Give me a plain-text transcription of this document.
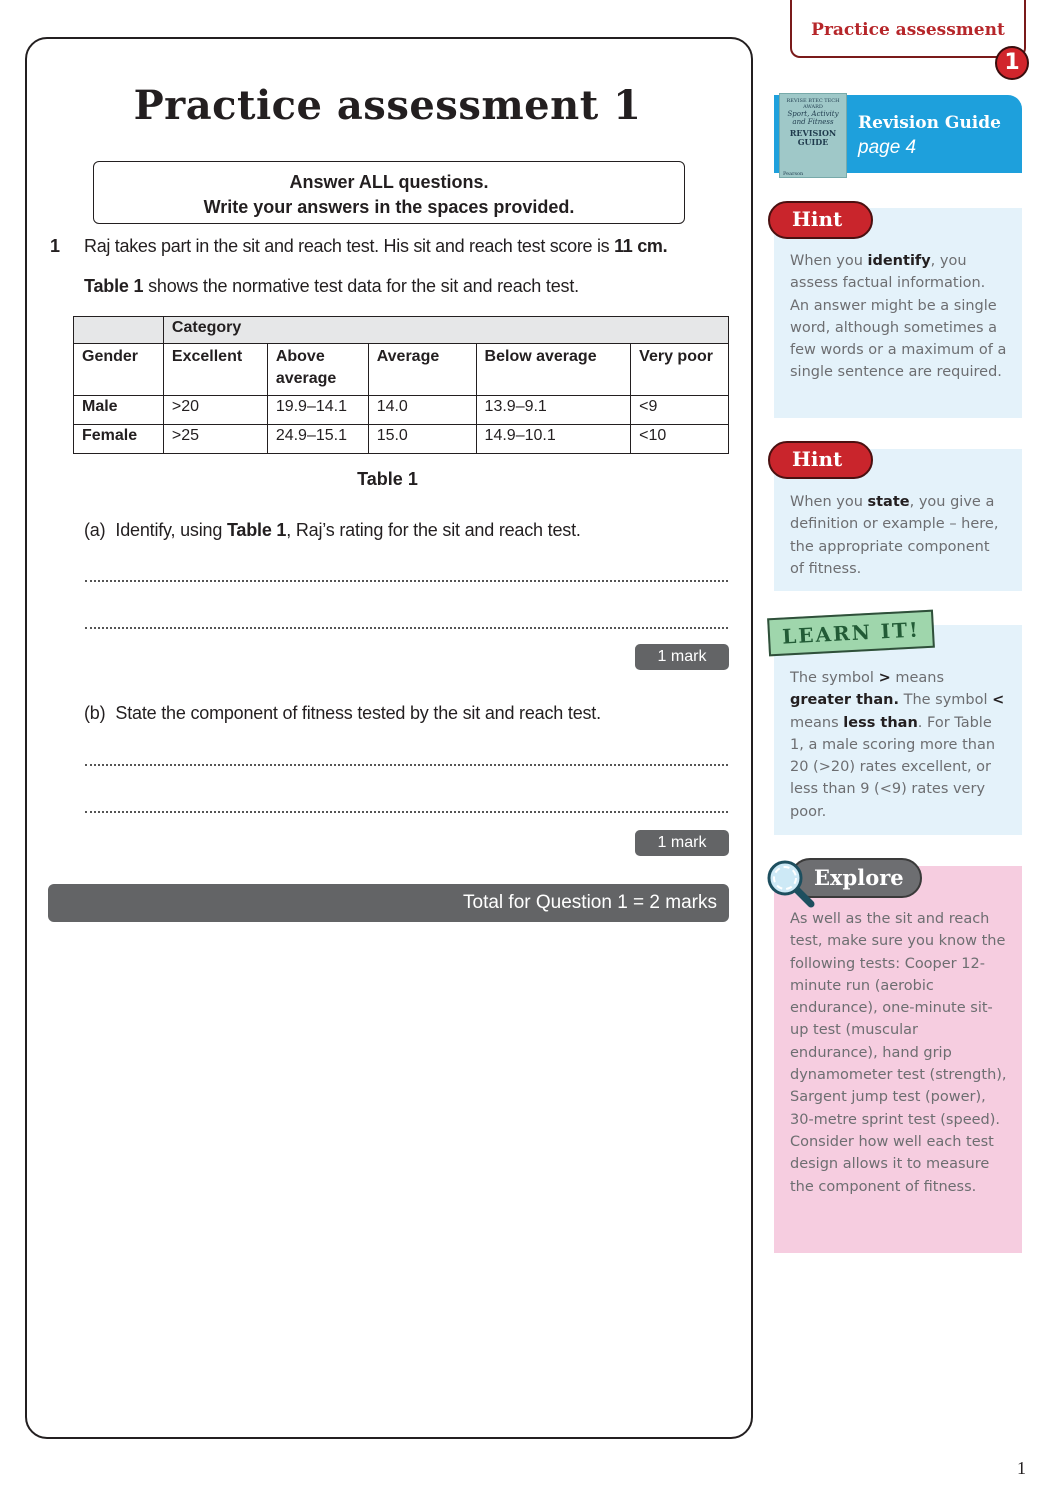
Practice assessment
1
Practice assessment 1
Answer ALL questions.
Write your answers in the spaces provided.
1 Raj takes part in the sit and reach test. His sit and reach test score is 11 cm.
Table 1 shows the normative test data for the sit and reach test.
	Category				
Gender	Excellent	Above average	Average	Below average	Very poor
Male	>20	19.9–14.1	14.0	13.9–9.1	<9
Female	>25	24.9–15.1	15.0	14.9–10.1	<10
Table 1
(a) Identify, using Table 1, Raj’s rating for the sit and reach test.
1 mark
(b) State the component of fitness tested by the sit and reach test.
1 mark
Total for Question 1 = 2 marks
REVISE BTEC TECH AWARD
Sport, Activity and Fitness
REVISION GUIDE
Pearson
Revision Guide
page 4
When you identify, you assess factual information. An answer might be a single word, although sometimes a few words or a maximum of a single sentence are required.
Hint
When you state, you give a definition or example – here, the appropriate component of fitness.
Hint
The symbol > means greater than. The symbol < means less than. For Table 1, a male scoring more than 20 (>20) rates excellent, or less than 9 (<9) rates very poor.
LEARN IT!
As well as the sit and reach test, make sure you know the following tests: Cooper 12-minute run (aerobic endurance), one-minute sit-up test (muscular endurance), hand grip dynamometer test (strength), Sargent jump test (power), 30-metre sprint test (speed). Consider how well each test design allows it to measure the component of fitness.
Explore
1
